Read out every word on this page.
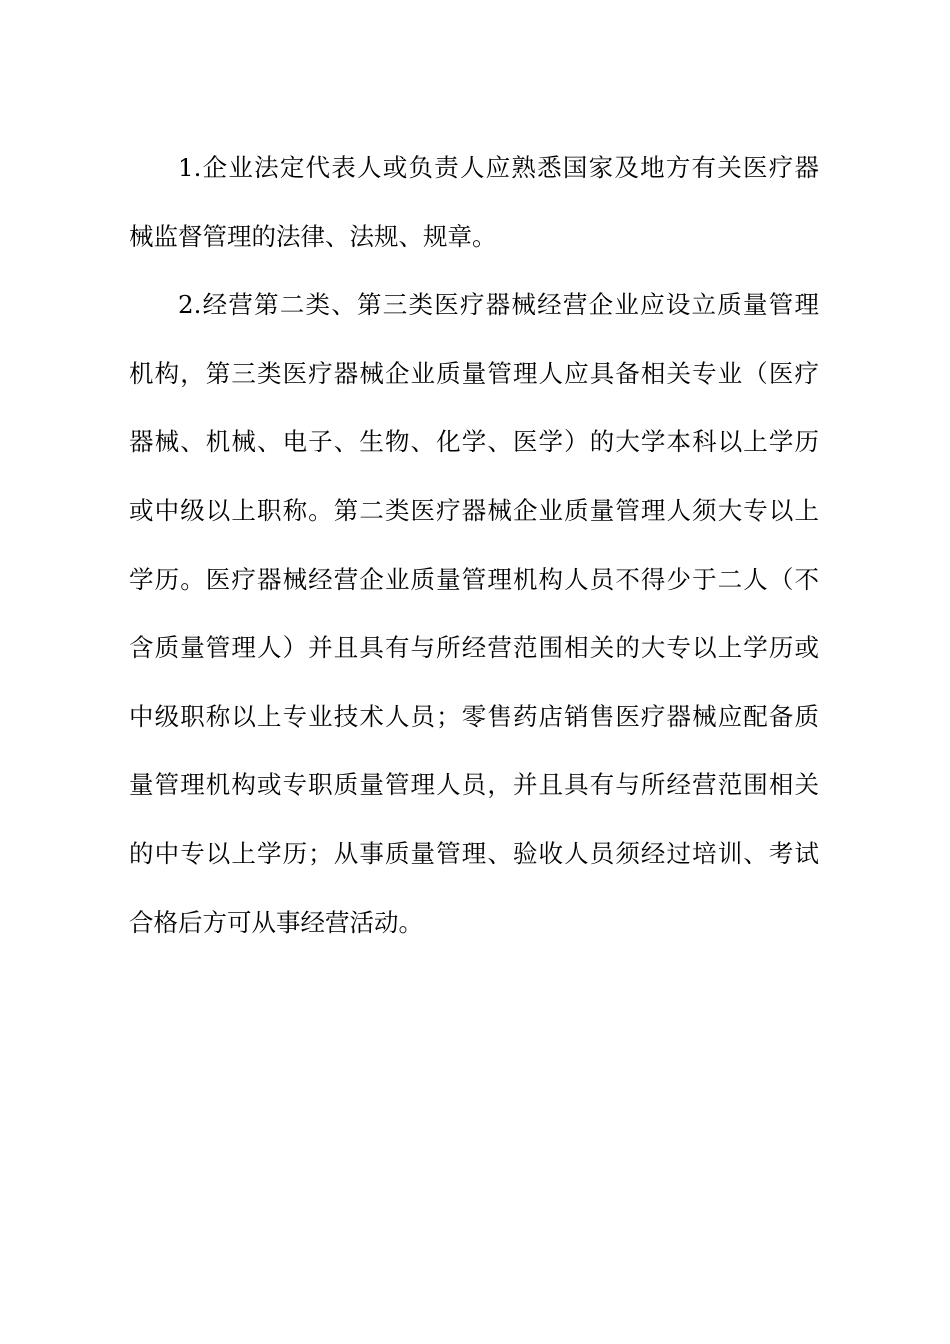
1.企业法定代表人或负责人应熟悉国家及地方有关医疗器
械监督管理的法律、法规、规章。
2.经营第二类、第三类医疗器械经营企业应设立质量管理
机构，第三类医疗器械企业质量管理人应具备相关专业（医疗
器械、机械、电子、生物、化学、医学）的大学本科以上学历
或中级以上职称。第二类医疗器械企业质量管理人须大专以上
学历。医疗器械经营企业质量管理机构人员不得少于二人（不
含质量管理人）并且具有与所经营范围相关的大专以上学历或
中级职称以上专业技术人员；零售药店销售医疗器械应配备质
量管理机构或专职质量管理人员，并且具有与所经营范围相关
的中专以上学历；从事质量管理、验收人员须经过培训、考试
合格后方可从事经营活动。
